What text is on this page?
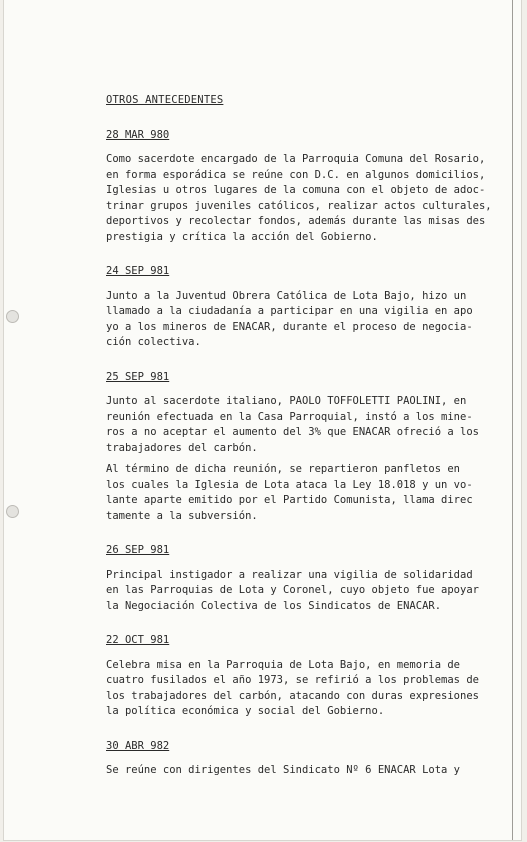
OTROS ANTECEDENTES
28 MAR 980
Como sacerdote encargado de la Parroquia Comuna del Rosario,
en forma esporádica se reúne con D.C. en algunos domicilios,
Iglesias u otros lugares de la comuna con el objeto de adoc-
trinar grupos juveniles católicos, realizar actos culturales,
deportivos y recolectar fondos, además durante las misas des
prestigia y crítica la acción del Gobierno.
24 SEP 981
Junto a la Juventud Obrera Católica de Lota Bajo, hizo un
llamado a la ciudadanía a participar en una vigilia en apo
yo a los mineros de ENACAR, durante el proceso de negocia-
ción colectiva.
25 SEP 981
Junto al sacerdote italiano, PAOLO TOFFOLETTI PAOLINI, en
reunión efectuada en la Casa Parroquial, instó a los mine-
ros a no aceptar el aumento del 3% que ENACAR ofreció a los
trabajadores del carbón.
Al término de dicha reunión, se repartieron panfletos en
los cuales la Iglesia de Lota ataca la Ley 18.018 y un vo-
lante aparte emitido por el Partido Comunista, llama direc
tamente a la subversión.
26 SEP 981
Principal instigador a realizar una vigilia de solidaridad
en las Parroquias de Lota y Coronel, cuyo objeto fue apoyar
la Negociación Colectiva de los Sindicatos de ENACAR.
22 OCT 981
Celebra misa en la Parroquia de Lota Bajo, en memoria de
cuatro fusilados el año 1973, se refirió a los problemas de
los trabajadores del carbón, atacando con duras expresiones
la política económica y social del Gobierno.
30 ABR 982
Se reúne con dirigentes del Sindicato Nº 6 ENACAR Lota y
